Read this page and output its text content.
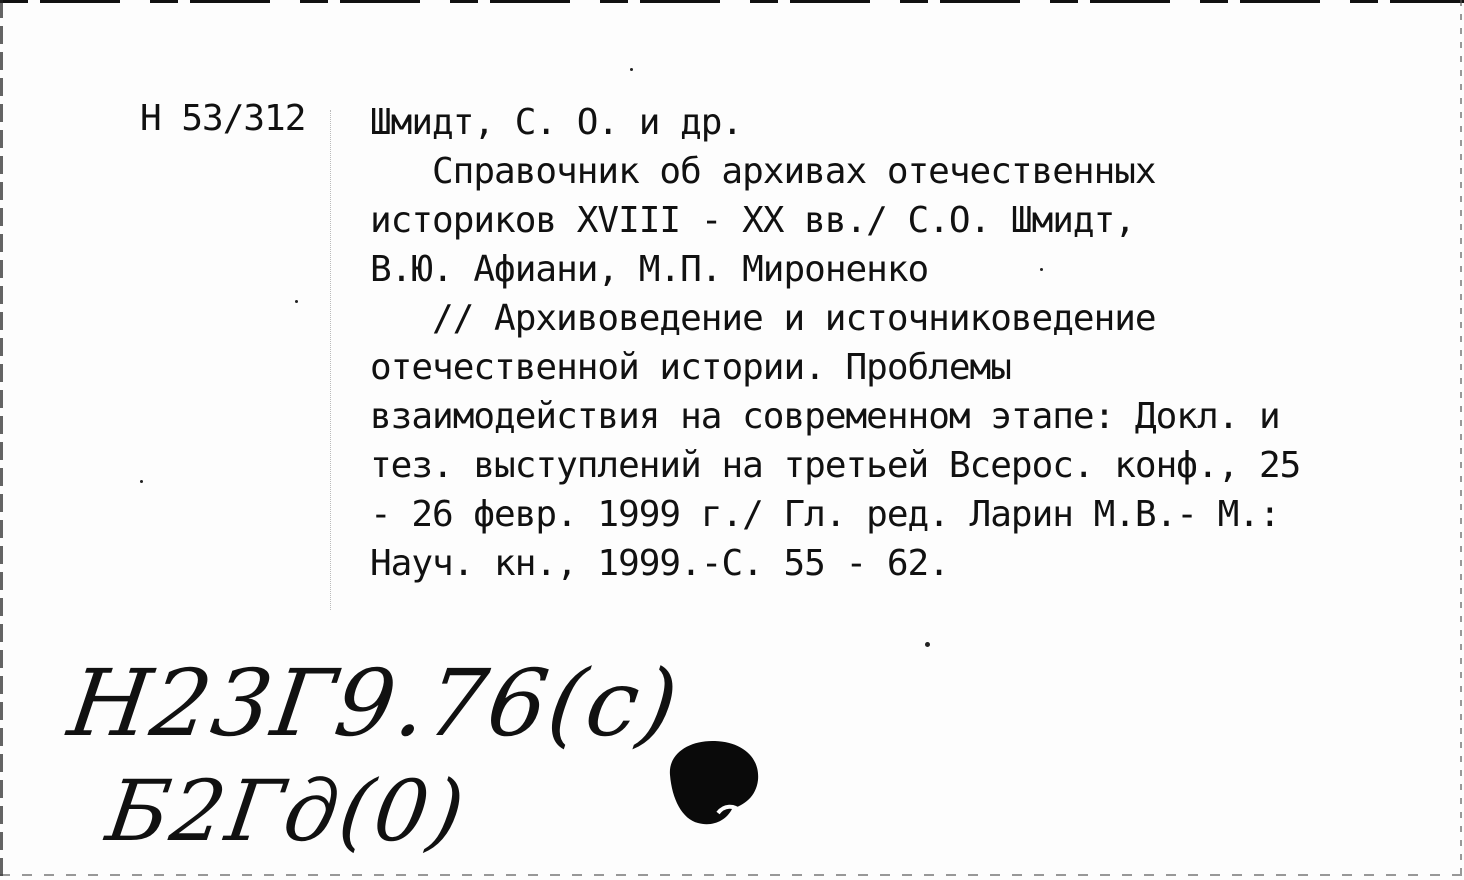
Н 53/312 Шмидт, С. О. и др.
Справочник об архивах отечественных
историков XVIII - XX вв./ С.О. Шмидт,
В.Ю. Афиани, М.П. Мироненко
// Архивоведение и источниковедение
отечественной истории. Проблемы
взаимодействия на современном этапе: Докл. и
тез. выступлений на третьей Всерос. конф., 25
- 26 февр. 1999 г./ Гл. ред. Ларин М.В.- М.:
Науч. кн., 1999.-С. 55 - 62.
Н23Г9.76(с)
Б2Гд(0)
